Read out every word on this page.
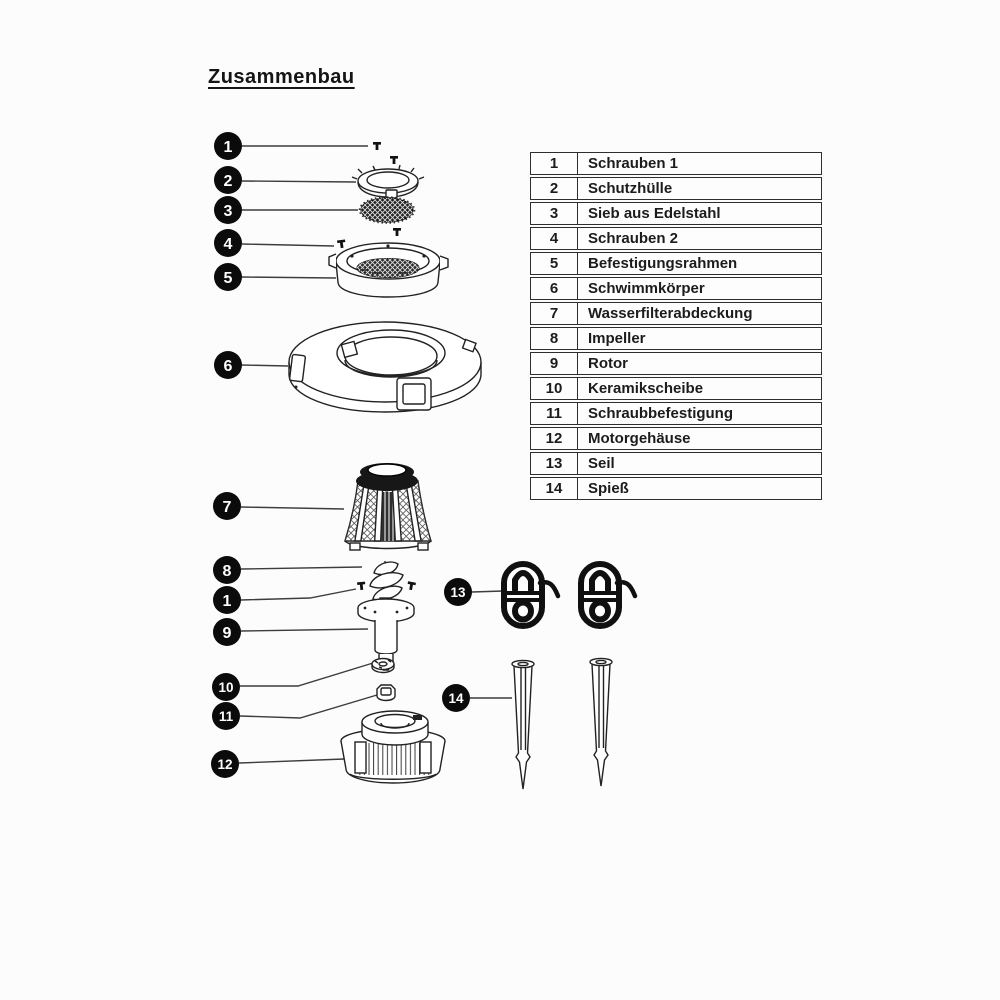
Zusammenbau
1
2
3
4
5
6
7
8
1
9
10
11
12
13
14
1	Schrauben 1
2	Schutzhülle
3	Sieb aus Edelstahl
4	Schrauben 2
5	Befestigungsrahmen
6	Schwimmkörper
7	Wasserfilterabdeckung
8	Impeller
9	Rotor
10	Keramikscheibe
11	Schraubbefestigung
12	Motorgehäuse
13	Seil
14	Spieß
